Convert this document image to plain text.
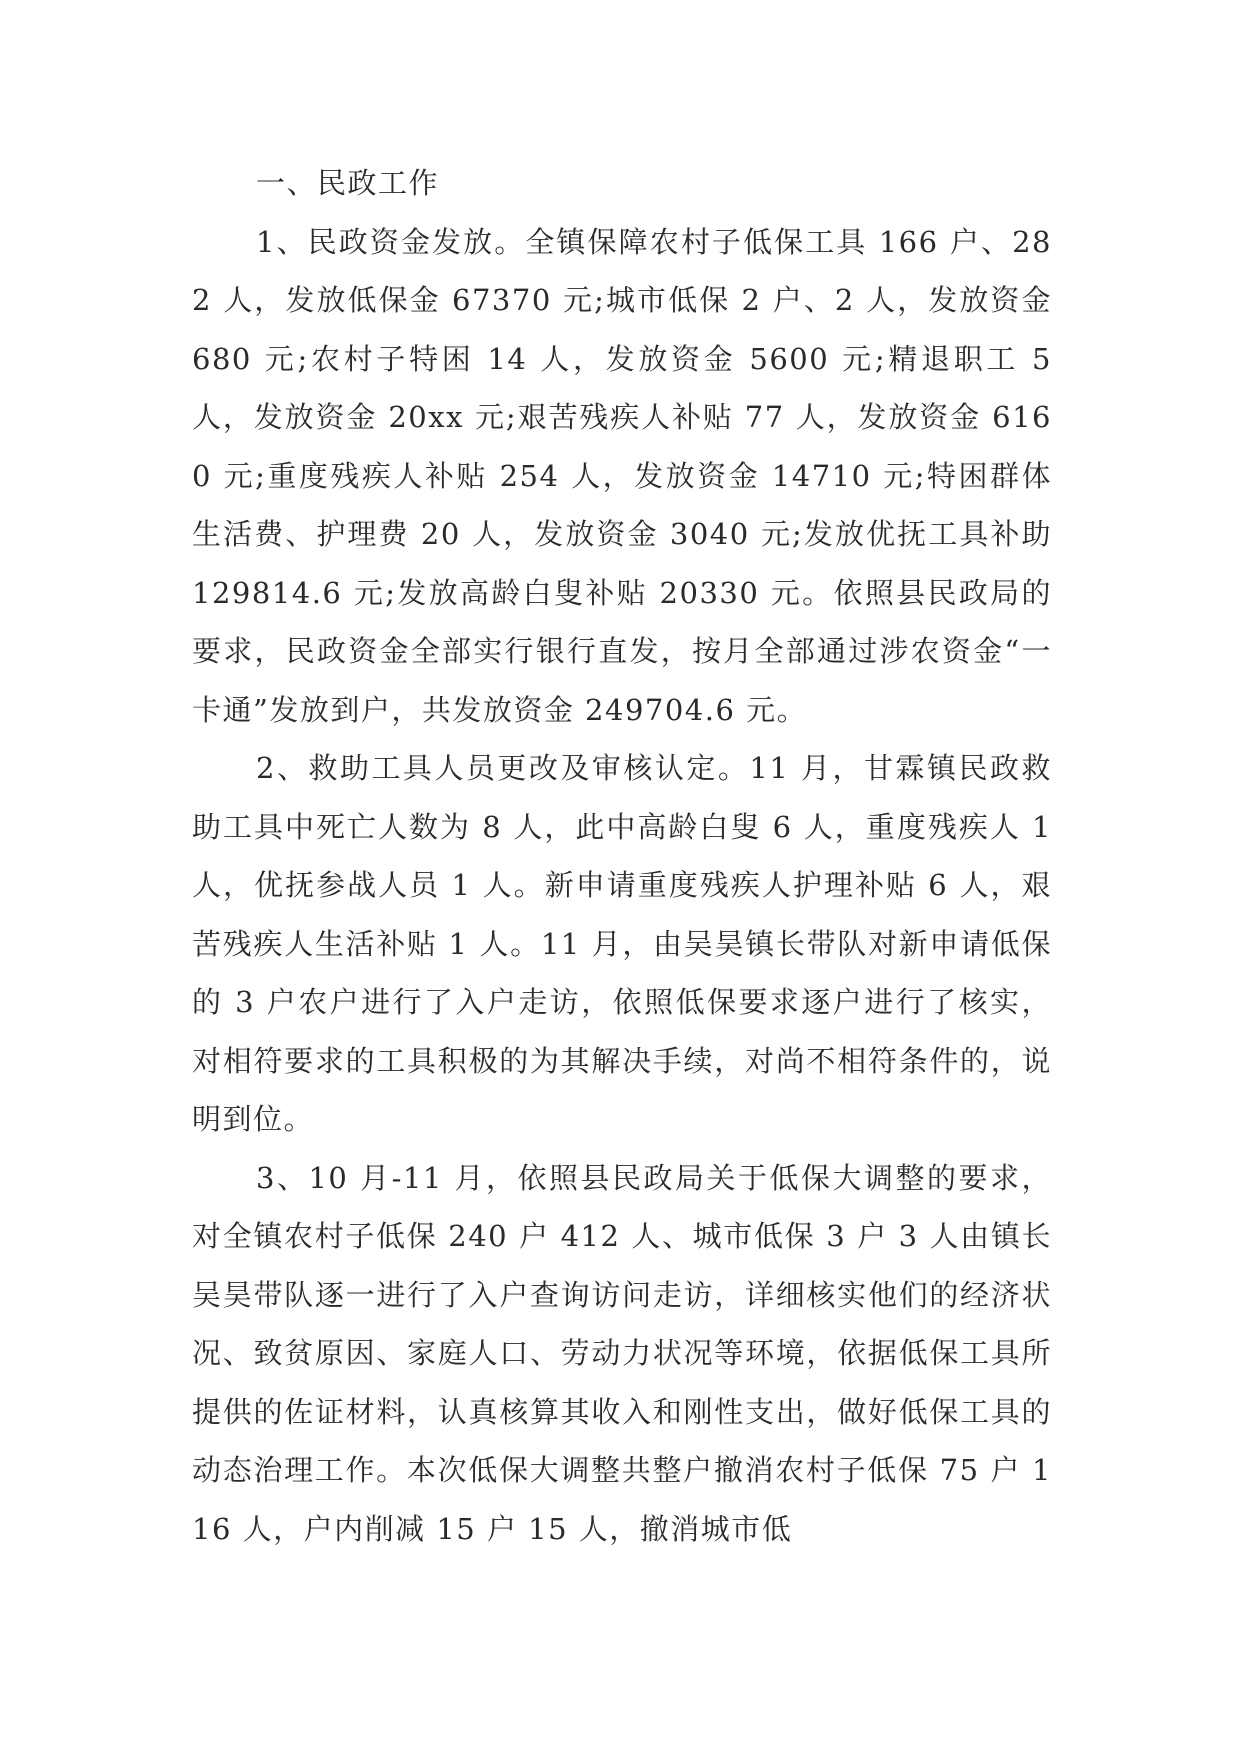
一、民政工作

1、民政资金发放。全镇保障农村子低保工具 166 户、282 人，发放低保金 67370 元;城市低保 2 户、2 人，发放资金 680 元;农村子特困 14 人，发放资金 5600 元;精退职工 5 人，发放资金 20xx 元;艰苦残疾人补贴 77 人，发放资金 6160 元;重度残疾人补贴 254 人，发放资金 14710 元;特困群体生活费、护理费 20 人，发放资金 3040 元;发放优抚工具补助 129814.6 元;发放高龄白叟补贴 20330 元。依照县民政局的要求，民政资金全部实行银行直发，按月全部通过涉农资金“一卡通”发放到户，共发放资金 249704.6 元。

2、救助工具人员更改及审核认定。11 月，甘霖镇民政救助工具中死亡人数为 8 人，此中高龄白叟 6 人，重度残疾人 1 人，优抚参战人员 1 人。新申请重度残疾人护理补贴 6 人，艰苦残疾人生活补贴 1 人。11 月，由吴昊镇长带队对新申请低保的 3 户农户进行了入户走访，依照低保要求逐户进行了核实，对相符要求的工具积极的为其解决手续，对尚不相符条件的，说明到位。

3、10 月-11 月，依照县民政局关于低保大调整的要求，对全镇农村子低保 240 户 412 人、城市低保 3 户 3 人由镇长吴昊带队逐一进行了入户查询访问走访，详细核实他们的经济状况、致贫原因、家庭人口、劳动力状况等环境，依据低保工具所提供的佐证材料，认真核算其收入和刚性支出，做好低保工具的动态治理工作。本次低保大调整共整户撤消农村子低保 75 户 116 人，户内削减 15 户 15 人，撤消城市低
